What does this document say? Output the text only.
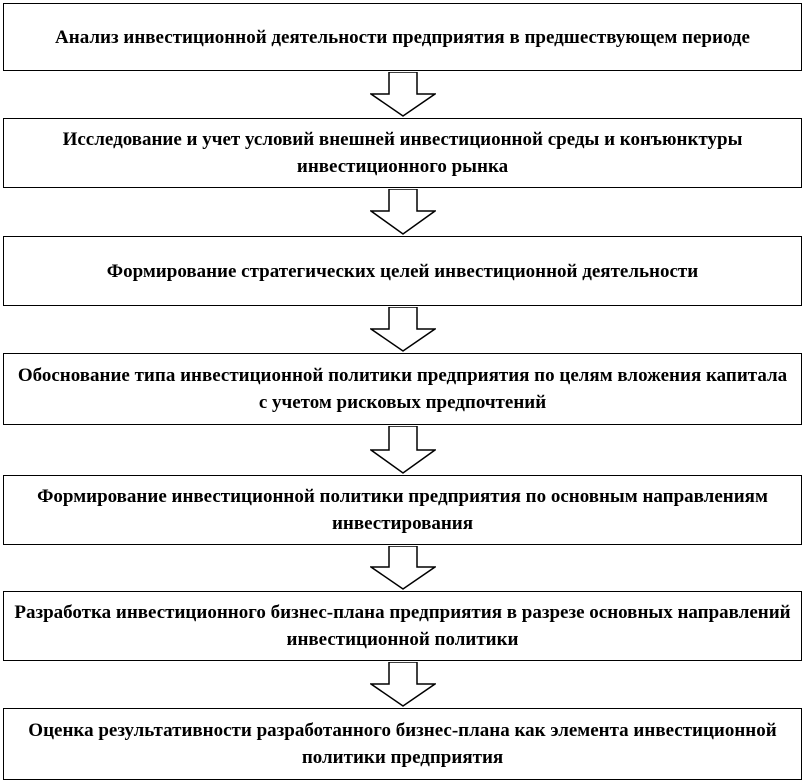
Анализ инвестиционной деятельности предприятия в предшествующем периоде
Исследование и учет условий внешней инвестиционной среды и конъюнктуры инвестиционного рынка
Формирование стратегических целей инвестиционной деятельности
Обоснование типа инвестиционной политики предприятия по целям вложения капитала с учетом рисковых предпочтений
Формирование инвестиционной политики предприятия по основным направлениям инвестирования
Разработка инвестиционного бизнес-плана предприятия в разрезе основных направлений инвестиционной политики
Оценка результативности разработанного бизнес-плана как элемента инвестиционной политики предприятия
